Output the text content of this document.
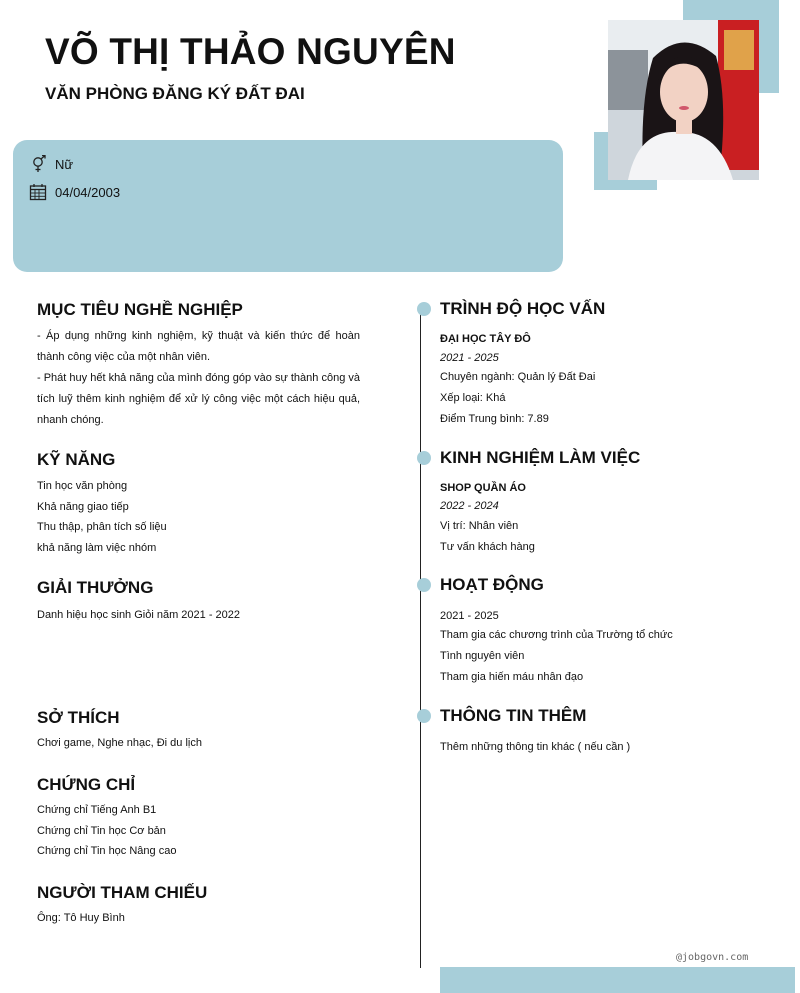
VÕ THỊ THẢO NGUYÊN
VĂN PHÒNG ĐĂNG KÝ ĐẤT ĐAI
Nữ
04/04/2003
MỤC TIÊU NGHỀ NGHIỆP
- Áp dụng những kinh nghiệm, kỹ thuật và kiến thức để hoàn thành công việc của một nhân viên.
- Phát huy hết khả năng của mình đóng góp vào sự thành công và tích luỹ thêm kinh nghiệm để xử lý công việc một cách hiệu quả, nhanh chóng.
KỸ NĂNG
Tin học văn phòng
Khả năng giao tiếp
Thu thập, phân tích số liệu
khả năng làm việc nhóm
GIẢI THƯỞNG
Danh hiệu học sinh Giỏi năm 2021 - 2022
SỞ THÍCH
Chơi game, Nghe nhạc, Đi du lịch
CHỨNG CHỈ
Chứng chỉ Tiếng Anh B1
Chứng chỉ Tin học Cơ bản
Chứng chỉ Tin học Nâng cao
NGƯỜI THAM CHIẾU
Ông: Tô Huy Bình
TRÌNH ĐỘ HỌC VẤN
ĐẠI HỌC TÂY ĐÔ
2021 - 2025
Chuyên ngành: Quản lý Đất Đai
Xếp loại: Khá
Điểm Trung bình: 7.89
KINH NGHIỆM LÀM VIỆC
SHOP QUẦN ÁO
2022 - 2024
Vị trí: Nhân viên
Tư vấn khách hàng
HOẠT ĐỘNG
2021 - 2025
Tham gia các chương trình của Trường tổ chức
Tình nguyên viên
Tham gia hiến máu nhân đạo
THÔNG TIN THÊM
Thêm những thông tin khác ( nếu cần )
@jobgovn.com
